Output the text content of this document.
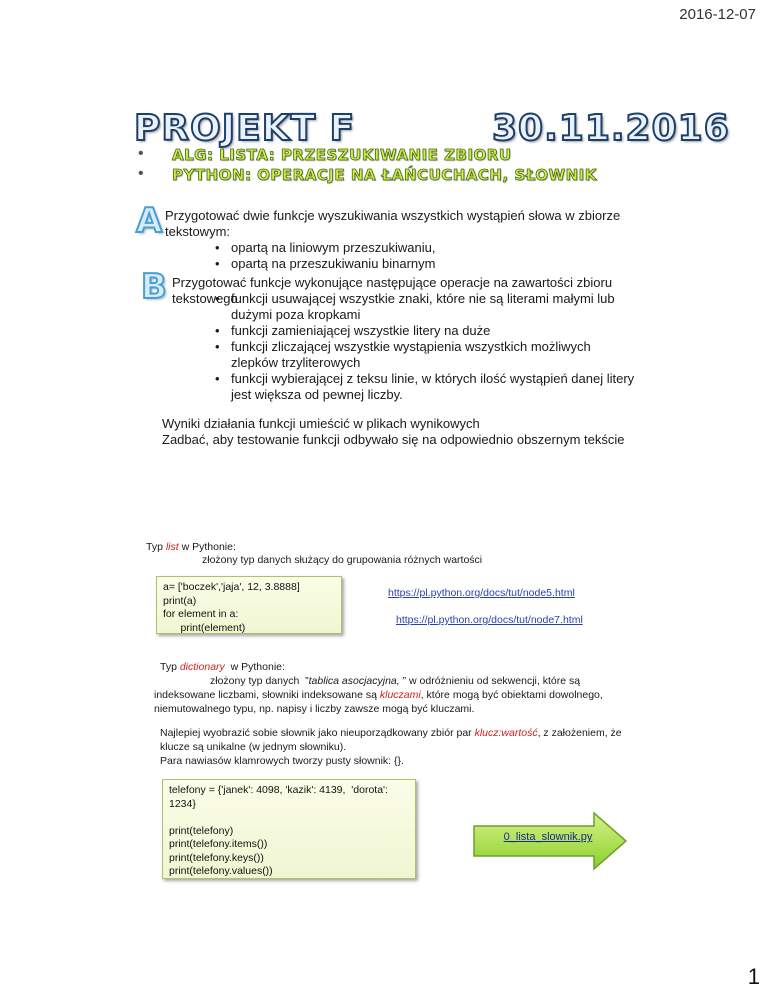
2016-12-07
PROJEKT F	30.11.2016
• ALG: LISTA: PRZESZUKIWANIE ZBIORU
• PYTHON: OPERACJE NA ŁAŃCUCHACH, SŁOWNIK
A Przygotować dwie funkcje wyszukiwania wszystkich wystąpień słowa w zbiorze
tekstowym:
• opartą na liniowym przeszukiwaniu,
• opartą na przeszukiwaniu binarnym
B Przygotować funkcje wykonujące następujące operacje na zawartości zbioru tekstowego
• funkcji usuwającej wszystkie znaki, które nie są literami małymi lub dużymi poza kropkami
• funkcji zamieniającej wszystkie litery na duże
• funkcji zliczającej wszystkie wystąpienia wszystkich możliwych zlepków trzyliterowych
• funkcji wybierającej z teksu linie, w których ilość wystąpień danej litery jest większa od pewnej liczby.
Wyniki działania funkcji umieścić w plikach wynikowych
Zadbać, aby testowanie funkcji odbywało się na odpowiednio obszernym tekście
Typ list w Pythonie:
złożony typ danych służący do grupowania różnych wartości
a= ['boczek','jaja', 12, 3.8888]
print(a)
for element in a:
print(element)
https://pl.python.org/docs/tut/node5.html
https://pl.python.org/docs/tut/node7.html
Typ dictionary  w Pythonie:
złożony typ danych  ”tablica asocjacyjna, ” w odróżnieniu od sekwencji, które są
indeksowane liczbami, słowniki indeksowane są kluczami, które mogą być obiektami dowolnego,
niemutowalnego typu, np. napisy i liczby zawsze mogą być kluczami.
Najlepiej wyobrazić sobie słownik jako nieuporządkowany zbiór par klucz:wartość, z założeniem, że
klucze są unikalne (w jednym słowniku).
Para nawiasów klamrowych tworzy pusty słownik: {}.
telefony = {'janek': 4098, 'kazik': 4139,  'dorota':
1234}
print(telefony)
print(telefony.items())
print(telefony.keys())
print(telefony.values())
0_lista_slownik.py
1
